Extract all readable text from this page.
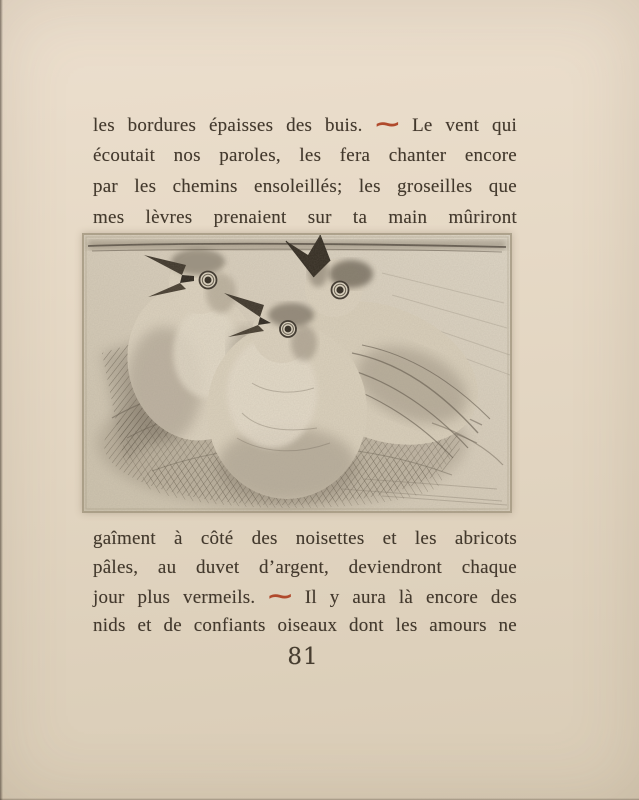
les bordures épaisses des buis. ⁓ Le vent qui
écoutait nos paroles, les fera chanter encore
par les chemins ensoleillés; les groseilles que
mes lèvres prenaient sur ta main mûriront
gaîment à côté des noisettes et les abricots
pâles, au duvet d’argent, deviendront chaque
jour plus vermeils. ⁓ Il y aura là encore des
nids et de confiants oiseaux dont les amours ne
81
